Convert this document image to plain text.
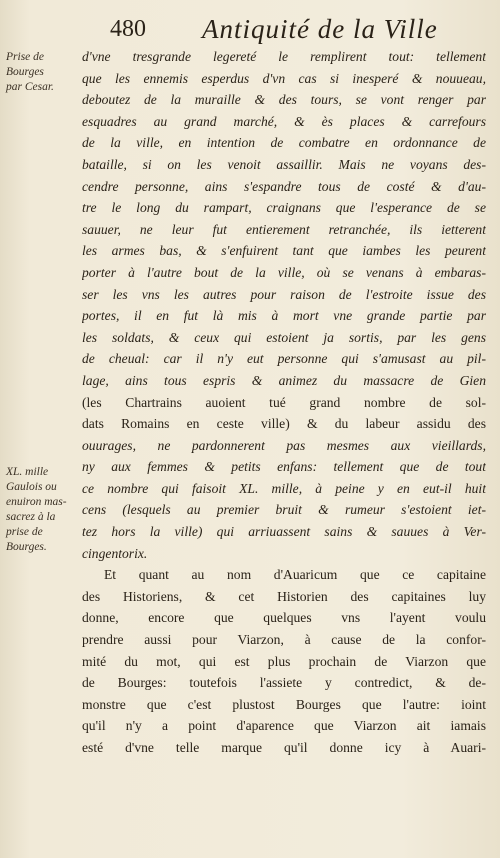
480 Antiquité de la Ville
Prise de
Bourges
par Cesar.
XL. mille
Gaulois ou
enuiron mas-
sacrez à la
prise de
Bourges.
d'vne tresgrande legereté le remplirent tout: tellement
que les ennemis esperdus d'vn cas si inesperé & nouueau,
deboutez de la muraille & des tours, se vont renger par
esquadres au grand marché, & ès places & carrefours
de la ville, en intention de combatre en ordonnance de
bataille, si on les venoit assaillir. Mais ne voyans des-
cendre personne, ains s'espandre tous de costé & d'au-
tre le long du rampart, craignans que l'esperance de se
sauuer, ne leur fut entierement retranchée, ils ietterent
les armes bas, & s'enfuirent tant que iambes les peurent
porter à l'autre bout de la ville, où se venans à embaras-
ser les vns les autres pour raison de l'estroite issue des
portes, il en fut là mis à mort vne grande partie par
les soldats, & ceux qui estoient ja sortis, par les gens
de cheual: car il n'y eut personne qui s'amusast au pil-
lage, ains tous espris & animez du massacre de Gien
(les Chartrains auoient tué grand nombre de sol-
dats Romains en ceste ville) & du labeur assidu des
ouurages, ne pardonnerent pas mesmes aux vieillards,
ny aux femmes & petits enfans: tellement que de tout
ce nombre qui faisoit XL. mille, à peine y en eut-il huit
cens (lesquels au premier bruit & rumeur s'estoient iet-
tez hors la ville) qui arriuassent sains & sauues à Ver-
cingentorix.
Et quant au nom d'Auaricum que ce capitaine
des Historiens, & cet Historien des capitaines luy
donne, encore que quelques vns l'ayent voulu
prendre aussi pour Viarzon, à cause de la confor-
mité du mot, qui est plus prochain de Viarzon que
de Bourges: toutefois l'assiete y contredict, & de-
monstre que c'est plustost Bourges que l'autre: ioint
qu'il n'y a point d'aparence que Viarzon ait iamais
esté d'vne telle marque qu'il donne icy à Auari-
